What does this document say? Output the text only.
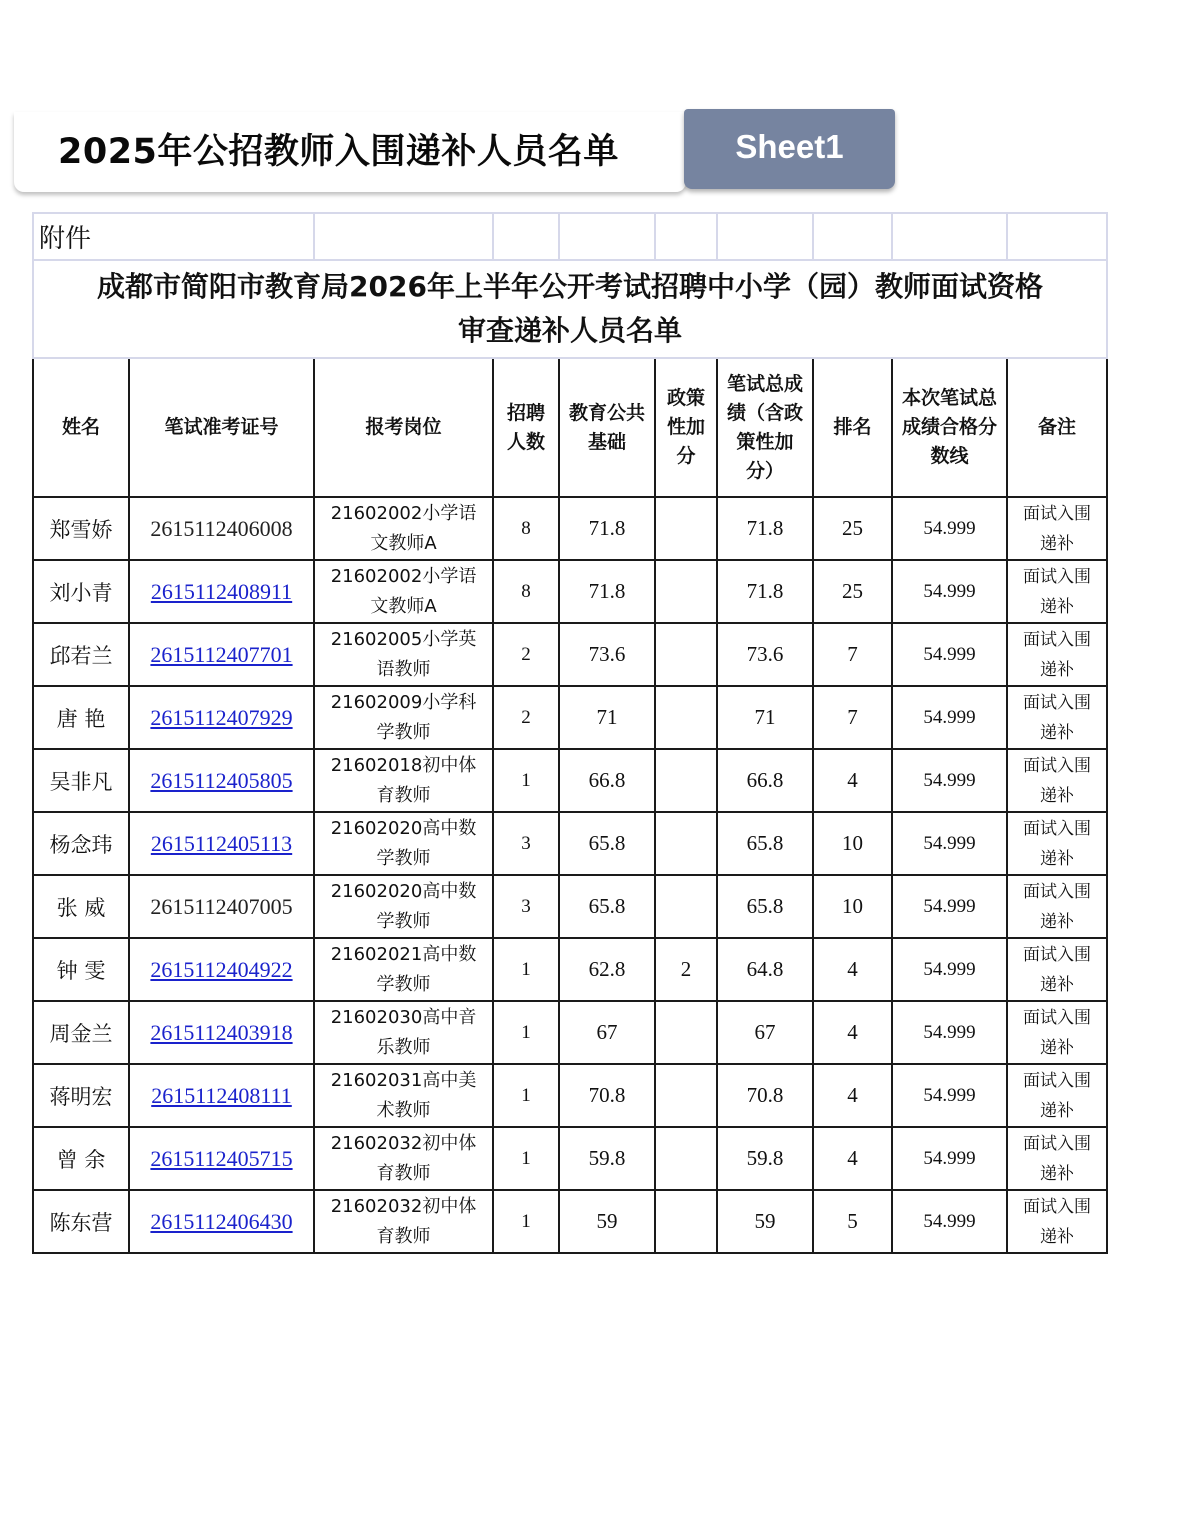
2025年公招教师入围递补人员名单	Sheet1
附件									

成都市简阳市教育局2026年上半年公开考试招聘中小学（园）教师面试资格
审查递补人员名单									

姓名	笔试准考证号	报考岗位	招聘
人数	教育公共
基础	政策
性加
分	笔试总成
绩（含政
策性加
分）	排名	本次笔试总
成绩合格分
数线	备注
郑雪娇	2615112406008	21602002小学语
文教师A	8	71.8		71.8	25	54.999	面试入围
递补

刘小青	2615112408911	21602002小学语
文教师A	8	71.8		71.8	25	54.999	面试入围
递补

邱若兰	2615112407701	21602005小学英
语教师	2	73.6		73.6	7	54.999	面试入围
递补

唐 艳	2615112407929	21602009小学科
学教师	2	71		71	7	54.999	面试入围
递补

吴非凡	2615112405805	21602018初中体
育教师	1	66.8		66.8	4	54.999	面试入围
递补

杨念玮	2615112405113	21602020高中数
学教师	3	65.8		65.8	10	54.999	面试入围
递补

张 威	2615112407005	21602020高中数
学教师	3	65.8		65.8	10	54.999	面试入围
递补

钟 雯	2615112404922	21602021高中数
学教师	1	62.8	2	64.8	4	54.999	面试入围
递补

周金兰	2615112403918	21602030高中音
乐教师	1	67		67	4	54.999	面试入围
递补

蒋明宏	2615112408111	21602031高中美
术教师	1	70.8		70.8	4	54.999	面试入围
递补

曾 余	2615112405715	21602032初中体
育教师	1	59.8		59.8	4	54.999	面试入围
递补

陈东营	2615112406430	21602032初中体
育教师	1	59		59	5	54.999	面试入围
递补
